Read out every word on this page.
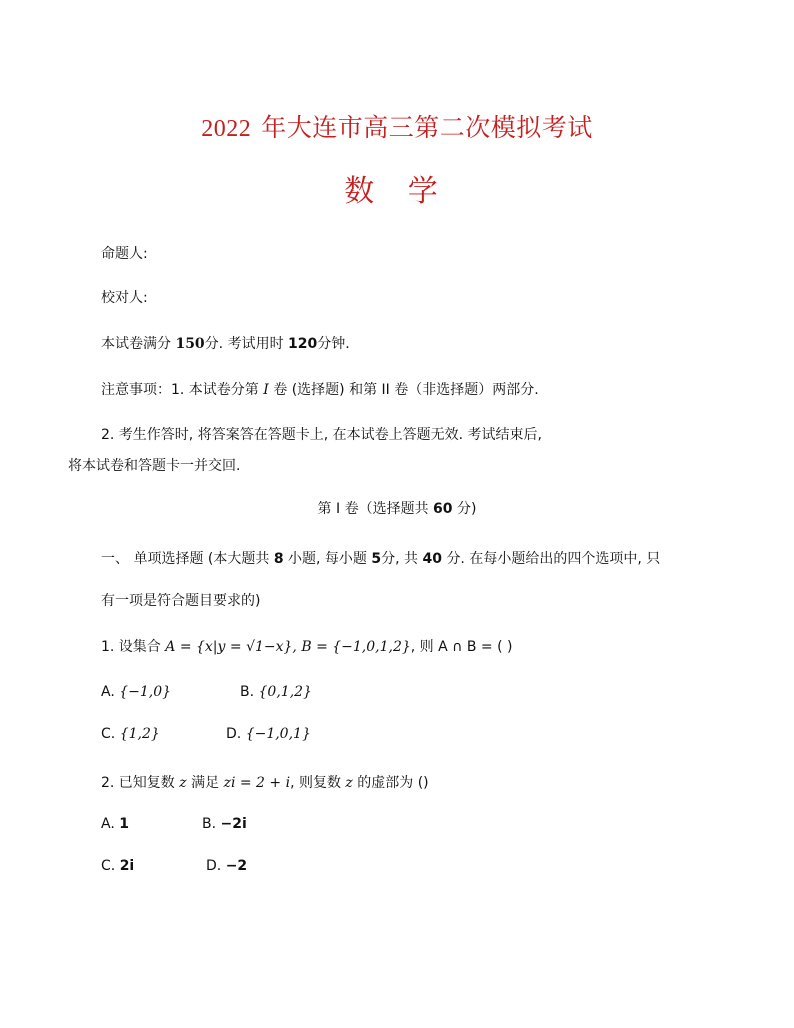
2022 年大连市高三第二次模拟考试
数 学
命题人:
校对人:
本试卷满分 150分. 考试用时 120分钟.
注意事项：1. 本试卷分第 I 卷 (选择题) 和第 II 卷（非选择题）两部分.
2. 考生作答时, 将答案答在答题卡上, 在本试卷上答题无效. 考试结束后,
将本试卷和答题卡一并交回.
第 I 卷（选择题共 60 分)
一、 单项选择题 (本大题共 8 小题, 每小题 5分, 共 40 分. 在每小题给出的四个选项中, 只
有一项是符合题目要求的)
1. 设集合 A = {x|y = √1−x}, B = {−1,0,1,2}, 则 A ∩ B = ( )
A. {−1,0}	B. {0,1,2}
C. {1,2}	D. {−1,0,1}
2. 已知复数 z 满足 zi = 2 + i, 则复数 z 的虚部为 ()
A. 1	B. −2i
C. 2i	D. −2
